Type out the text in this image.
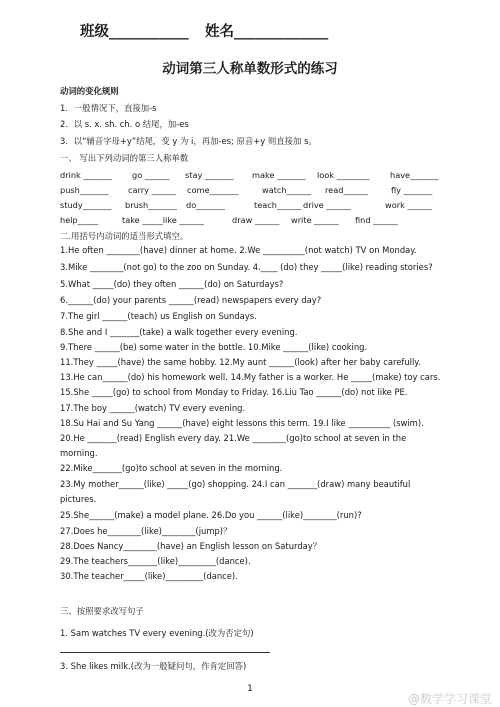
班级___________ 姓名_____________
动词第三人称单数形式的练习
动词的变化规则
1．一般情况下，直接加-s
2．以 s. x. sh. ch. o 结尾，加-es
3．以“辅音字母+y”结尾，变 y 为 i，再加-es; 原音+y 则直接加 s。
一、 写出下列动词的第三人称单数
drink _______ go ______ stay _______ make _______ look ________	have_______
push_______ carry ______ come_______	watch______ read______	fly _______
study_______ brush_______ do_______	teach______ drive ______	work ______
help_____	take _____like ______	draw ______ write ______ find ______
二.用括号内动词的适当形式填空。
1.He often ________(have) dinner at home. 2.We __________(not watch) TV on Monday.
3.Mike ________(not go) to the zoo on Sunday. 4.____ (do) they _____(like) reading stories?
5.What _____(do) they often ______(do) on Saturdays?
6.______(do) your parents ______(read) newspapers every day?
7.The girl ______(teach) us English on Sundays.
8.She and I _______(take) a walk together every evening.
9.There ______(be) some water in the bottle. 10.Mike ______(like) cooking.
11.They _____(have) the same hobby. 12.My aunt ______(look) after her baby carefully.
13.He can______(do) his homework well. 14.My father is a worker. He _____(make) toy cars.
15.She _____(go) to school from Monday to Friday. 16.Liu Tao ______(do) not like PE.
17.The boy ______(watch) TV every evening.
18.Su Hai and Su Yang ______(have) eight lessons this term. 19.I like __________ (swim).
20.He _______(read) English every day. 21.We ________(go)to school at seven in the
morning.
22.Mike_______(go)to school at seven in the morning.
23.My mother______(like) _____(go) shopping. 24.I can _______(draw) many beautiful
pictures.
25.She______(make) a model plane. 26.Do you ______(like)________(run)?
27.Does he________(like)________(jump)？
28.Does Nancy________(have) an English lesson on Saturday？
29.The teachers_______(like)_________(dance).
30.The teacher_____(like)_________(dance).
三、按照要求改写句子
1. Sam watches TV every evening.(改为否定句)
3. She likes milk.(改为一般疑问句，作肯定回答)
1
@数学学习课堂
